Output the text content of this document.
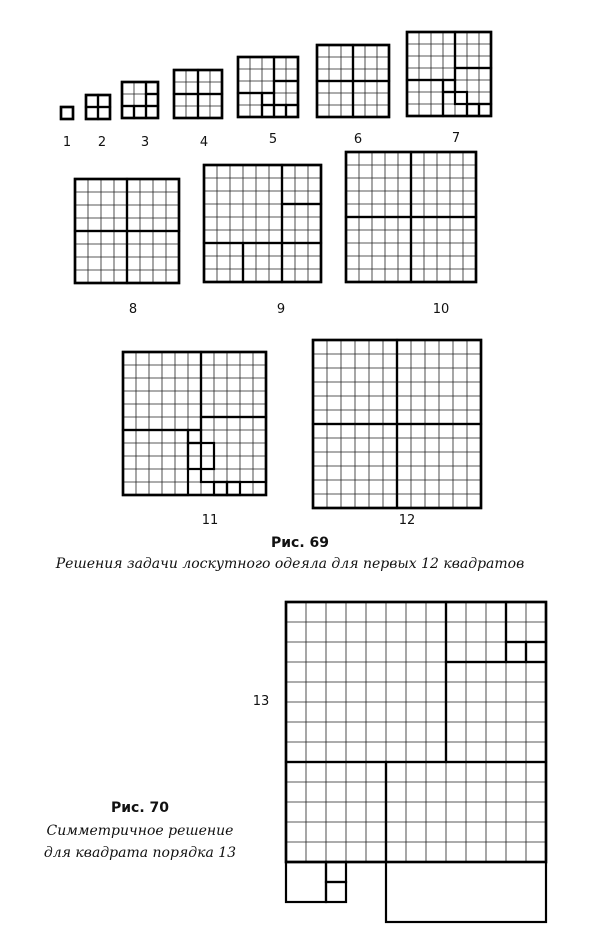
1 2	3	4	5	6	7
8	9	10
11	12
13
Рис. 69
Решения задачи лоскутного одеяла для первых 12 квадратов
Рис. 70
Симметричное решение
для квадрата порядка 13
